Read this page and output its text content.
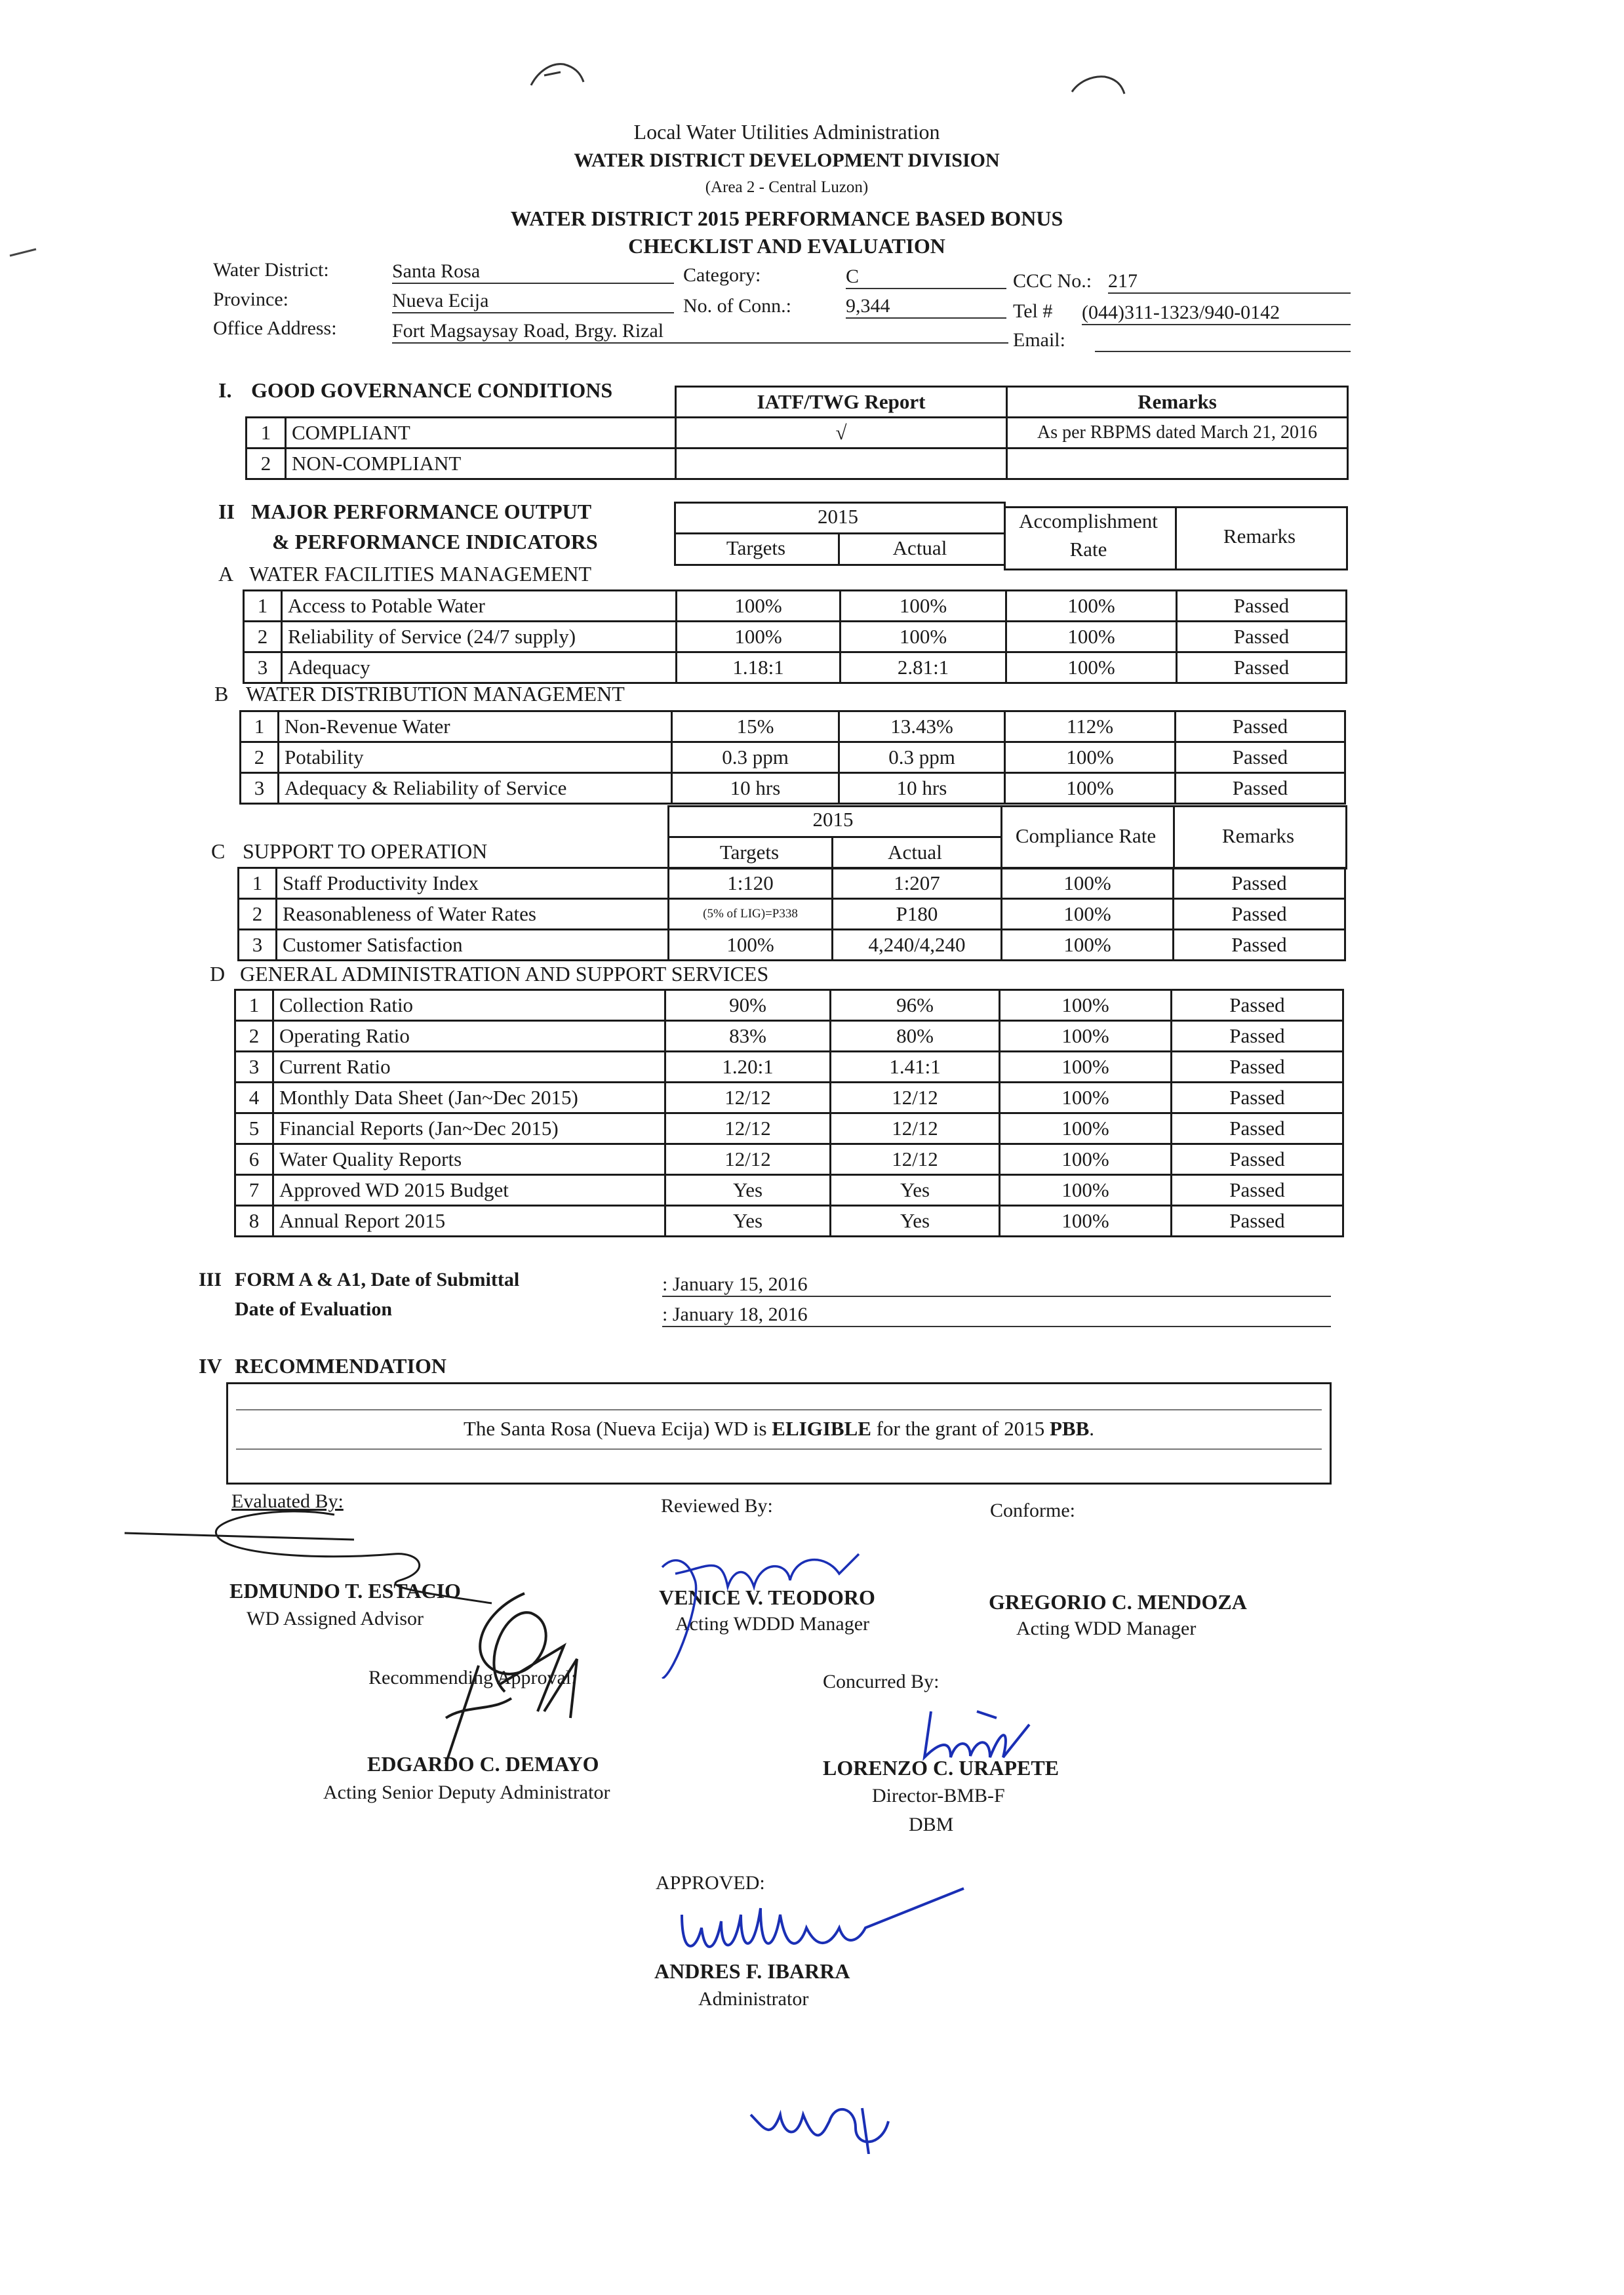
Local Water Utilities Administration
WATER DISTRICT DEVELOPMENT DIVISION
(Area 2 - Central Luzon)
WATER DISTRICT 2015 PERFORMANCE BASED BONUS
CHECKLIST AND EVALUATION
Water District:	Santa Rosa
Province:	Nueva Ecija
Office Address:	Fort Magsaysay Road, Brgy. Rizal
Category:	C
No. of Conn.:	9,344
CCC No.: 217
Tel # (044)311-1323/940-0142
Email:
I. GOOD GOVERNANCE CONDITIONS
			IATF/TWG Report	Remarks
1	COMPLIANT	√	As per RBPMS dated March 21, 2016
2	NON-COMPLIANT		
II MAJOR PERFORMANCE OUTPUT
& PERFORMANCE INDICATORS
2015
Targets	Actual
Accomplishment
Rate
Remarks
A WATER FACILITIES MANAGEMENT
1	Access to Potable Water	100%	100%	100%	Passed
2	Reliability of Service (24/7 supply)	100%	100%	100%	Passed
3	Adequacy	1.18:1	2.81:1	100%	Passed
B WATER DISTRIBUTION MANAGEMENT
1	Non-Revenue Water	15%	13.43%	112%	Passed
2	Potability	0.3 ppm	0.3 ppm	100%	Passed
3	Adequacy & Reliability of Service	10 hrs	10 hrs	100%	Passed
2015
Targets	Actual
Compliance Rate	Remarks
C SUPPORT TO OPERATION
1	Staff Productivity Index	1:120	1:207	100%	Passed
2	Reasonableness of Water Rates	(5% of LIG)=P338	P180	100%	Passed
3	Customer Satisfaction	100%	4,240/4,240	100%	Passed
D GENERAL ADMINISTRATION AND SUPPORT SERVICES
1	Collection Ratio	90%	96%	100%	Passed
2	Operating Ratio	83%	80%	100%	Passed
3	Current Ratio	1.20:1	1.41:1	100%	Passed
4	Monthly Data Sheet (Jan~Dec 2015)	12/12	12/12	100%	Passed
5	Financial Reports (Jan~Dec 2015)	12/12	12/12	100%	Passed
6	Water Quality Reports	12/12	12/12	100%	Passed
7	Approved WD 2015 Budget	Yes	Yes	100%	Passed
8	Annual Report 2015	Yes	Yes	100%	Passed
III FORM A & A1, Date of Submittal
Date of Evaluation
: January 15, 2016
: January 18, 2016
IV RECOMMENDATION
The Santa Rosa (Nueva Ecija) WD is ELIGIBLE for the grant of 2015 PBB.
Evaluated By:	Reviewed By:	Conforme:
EDMUNDO T. ESTACIO
WD Assigned Advisor
VENICE V. TEODORO
Acting WDDD Manager
GREGORIO C. MENDOZA
Acting WDD Manager
Recommending Approval:	Concurred By:
EDGARDO C. DEMAYO
Acting Senior Deputy Administrator
LORENZO C. URAPETE
Director-BMB-F
DBM
APPROVED:
ANDRES F. IBARRA
Administrator
